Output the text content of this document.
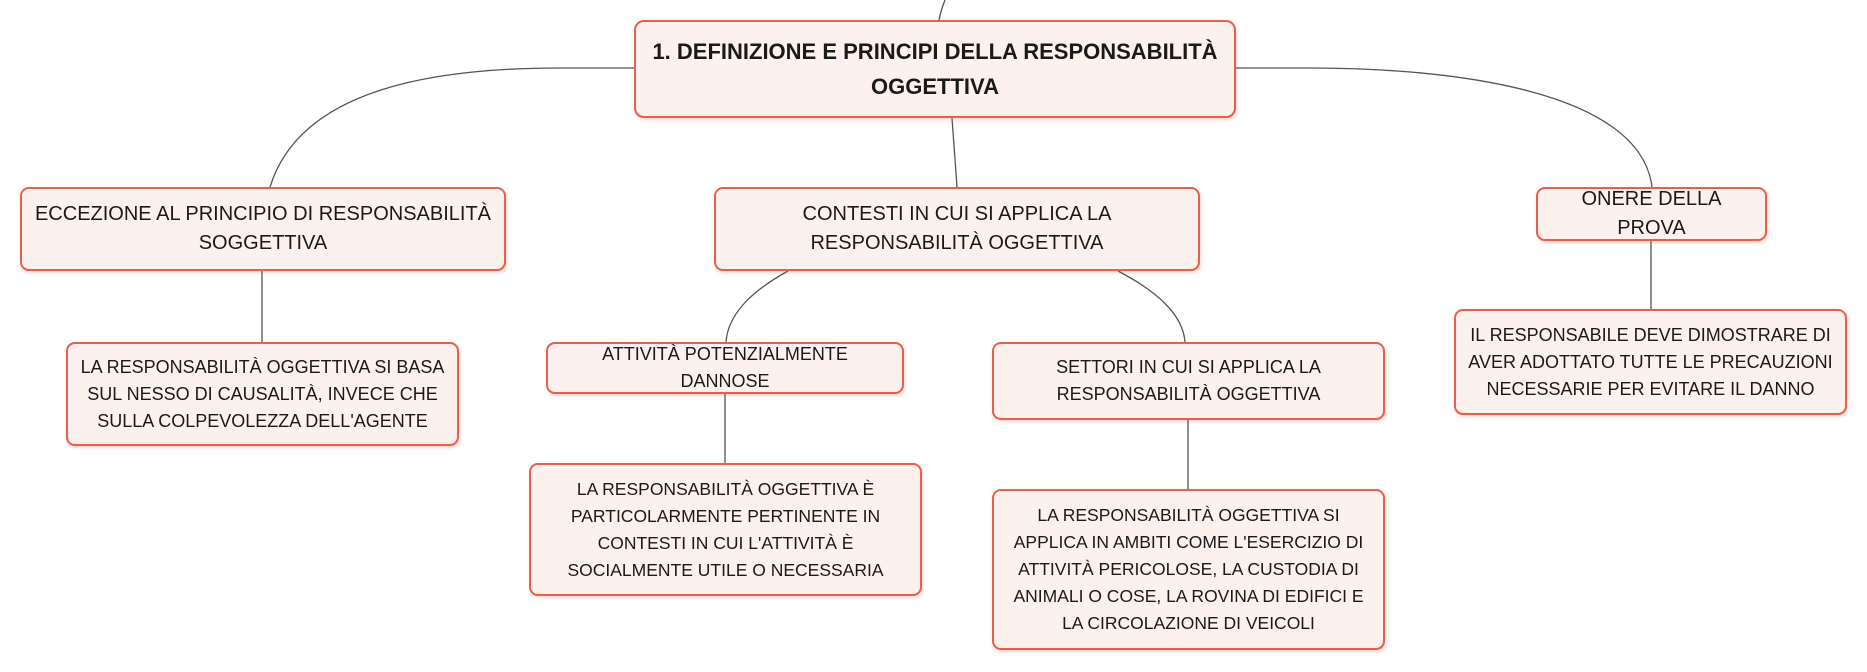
1. DEFINIZIONE E PRINCIPI DELLA RESPONSABILITÀ OGGETTIVA
ECCEZIONE AL PRINCIPIO DI RESPONSABILITÀ SOGGETTIVA
CONTESTI IN CUI SI APPLICA LA RESPONSABILITÀ OGGETTIVA
ONERE DELLA PROVA
LA RESPONSABILITÀ OGGETTIVA SI BASA SUL NESSO DI CAUSALITÀ, INVECE CHE SULLA COLPEVOLEZZA DELL'AGENTE
ATTIVITÀ POTENZIALMENTE DANNOSE
SETTORI IN CUI SI APPLICA LA RESPONSABILITÀ OGGETTIVA
IL RESPONSABILE DEVE DIMOSTRARE DI AVER ADOTTATO TUTTE LE PRECAUZIONI NECESSARIE PER EVITARE IL DANNO
LA RESPONSABILITÀ OGGETTIVA È PARTICOLARMENTE PERTINENTE IN CONTESTI IN CUI L'ATTIVITÀ È SOCIALMENTE UTILE O NECESSARIA
LA RESPONSABILITÀ OGGETTIVA SI APPLICA IN AMBITI COME L'ESERCIZIO DI ATTIVITÀ PERICOLOSE, LA CUSTODIA DI ANIMALI O COSE, LA ROVINA DI EDIFICI E LA CIRCOLAZIONE DI VEICOLI
